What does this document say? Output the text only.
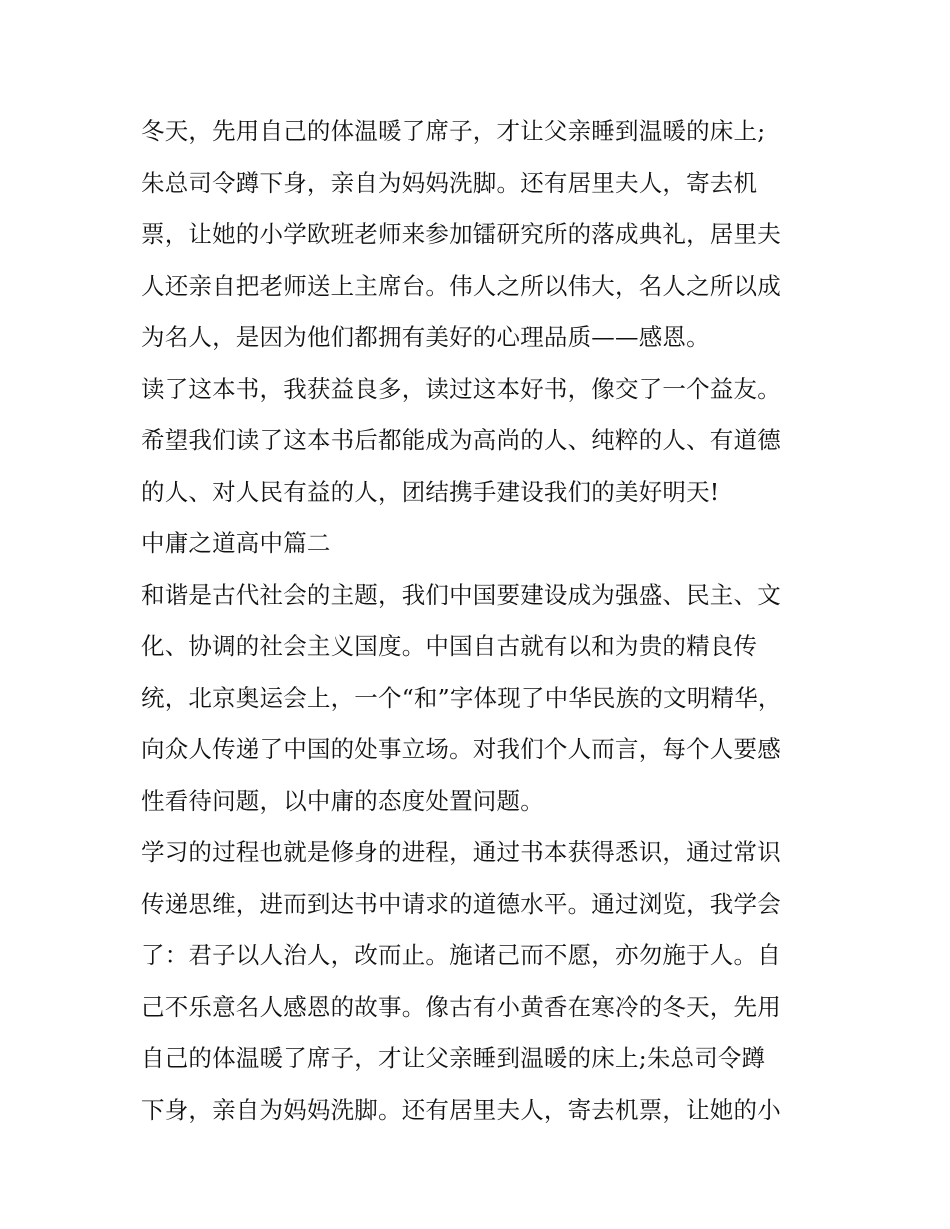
冬天，先用自己的体温暖了席子，才让父亲睡到温暖的床上;
朱总司令蹲下身，亲自为妈妈洗脚。还有居里夫人，寄去机
票，让她的小学欧班老师来参加镭研究所的落成典礼，居里夫
人还亲自把老师送上主席台。伟人之所以伟大，名人之所以成
为名人，是因为他们都拥有美好的心理品质——感恩。
读了这本书，我获益良多，读过这本好书，像交了一个益友。
希望我们读了这本书后都能成为高尚的人、纯粹的人、有道德
的人、对人民有益的人，团结携手建设我们的美好明天!
中庸之道高中篇二
和谐是古代社会的主题，我们中国要建设成为强盛、民主、文
化、协调的社会主义国度。中国自古就有以和为贵的精良传
统，北京奥运会上，一个“和”字体现了中华民族的文明精华，
向众人传递了中国的处事立场。对我们个人而言，每个人要感
性看待问题，以中庸的态度处置问题。
学习的过程也就是修身的进程，通过书本获得悉识，通过常识
传递思维，进而到达书中请求的道德水平。通过浏览，我学会
了：君子以人治人，改而止。施诸己而不愿，亦勿施于人。自
己不乐意名人感恩的故事。像古有小黄香在寒冷的冬天，先用
自己的体温暖了席子，才让父亲睡到温暖的床上;朱总司令蹲
下身，亲自为妈妈洗脚。还有居里夫人，寄去机票，让她的小
